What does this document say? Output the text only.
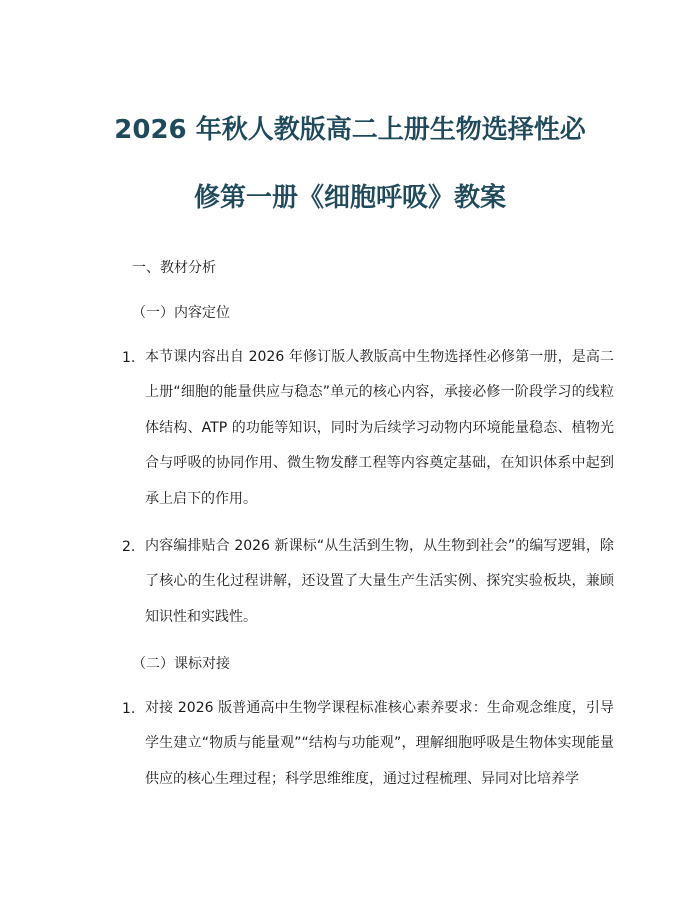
2026 年秋人教版高二上册生物选择性必
修第一册《细胞呼吸》教案
一、教材分析
（一）内容定位
1. 本节课内容出自 2026 年修订版人教版高中生物选择性必修第一册，是高二上册“细胞的能量供应与稳态”单元的核心内容，承接必修一阶段学习的线粒体结构、ATP 的功能等知识，同时为后续学习动物内环境能量稳态、植物光合与呼吸的协同作用、微生物发酵工程等内容奠定基础，在知识体系中起到承上启下的作用。
2. 内容编排贴合 2026 新课标“从生活到生物，从生物到社会”的编写逻辑，除了核心的生化过程讲解，还设置了大量生产生活实例、探究实验板块，兼顾知识性和实践性。
（二）课标对接
1. 对接 2026 版普通高中生物学课程标准核心素养要求：生命观念维度，引导学生建立“物质与能量观”“结构与功能观”，理解细胞呼吸是生物体实现能量供应的核心生理过程；科学思维维度，通过过程梳理、异同对比培养学
